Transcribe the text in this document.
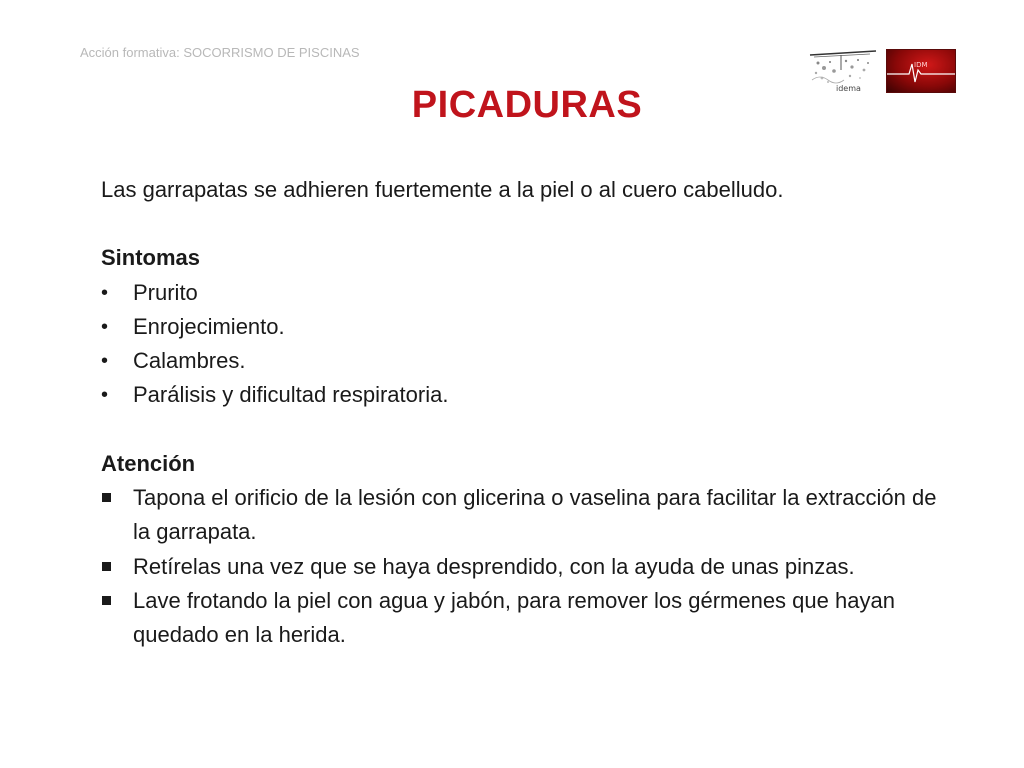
Acción formativa: SOCORRISMO DE PISCINAS
idema
IDM
PICADURAS

Las garrapatas se adhieren fuertemente a la piel o al cuero cabelludo.

Sintomas

• Prurito
• Enrojecimiento.
• Calambres.
• Parálisis y dificultad respiratoria.

Atención

Tapona el orificio de la lesión con glicerina o vaselina para facilitar la extracción de la garrapata.
Retírelas una vez que se haya desprendido, con la ayuda de unas pinzas.
Lave frotando la piel con agua y jabón, para remover los gérmenes que hayan quedado en la herida.
